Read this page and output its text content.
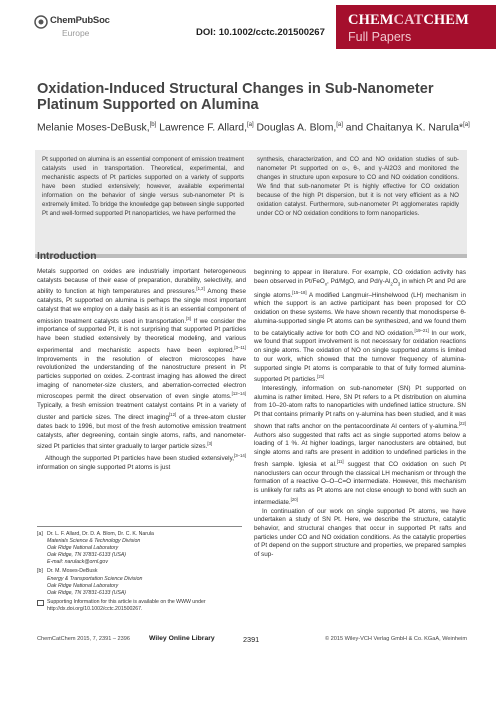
ChemPubSoc
Europe	DOI: 10.1002/cctc.201500267
CHEMCATCHEM
Full Papers
Oxidation-Induced Structural Changes in Sub-Nanometer
Platinum Supported on Alumina
Melanie Moses-DeBusk,[b] Lawrence F. Allard,[a] Douglas A. Blom,[a] and Chaitanya K. Narula*[a]

Pt supported on alumina is an essential component of emission treatment catalysts used in transportation. Theoretical, experimental, and mechanistic aspects of Pt particles supported on a variety of supports have been studied extensively; however, available experimental information on the behavior of single versus sub-nanometer Pt is extremely limited. To bridge the knowledge gap between single supported Pt and well-formed supported Pt nanoparticles, we have performed the

synthesis, characterization, and CO and NO oxidation studies of sub-nanometer Pt supported on α-, θ-, and γ-Al2O3 and monitored the changes in structure upon exposure to CO and NO oxidation conditions. We find that sub-nanometer Pt is highly effective for CO oxidation because of the high Pt dispersion, but it is not very efficient as a NO oxidation catalyst. Furthermore, sub-nanometer Pt agglomerates rapidly under CO or NO oxidation conditions to form nanoparticles.

Introduction

Metals supported on oxides are industrially important heterogeneous catalysts because of their ease of preparation, durability, selectivity, and ability to function at high temperatures and pressures.[1,2] Among these catalysts, Pt supported on alumina is perhaps the single most important catalyst that we employ on a daily basis as it is an essential component of emission treatment catalysts used in transportation.[3] If we consider the importance of supported Pt, it is not surprising that supported Pt particles have been studied extensively by theoretical modeling, and various experimental and mechanistic aspects have been explored.[3–11] Improvements in the resolution of electron microscopes have revolutionized the understanding of the nanostructure present in Pt particles supported on oxides. Z-contrast imaging has allowed the direct imaging of nanometer-size clusters, and aberration-corrected electron microscopes permit the direct observation of even single atoms.[12–14] Typically, a fresh emission treatment catalyst contains Pt in a variety of cluster and particle sizes. The direct imaging[12] of a three-atom cluster dates back to 1996, but most of the fresh automotive emission treatment catalysts, after degreening, contain single atoms, rafts, and nanometer-sized Pt particles that sinter gradually to larger particle sizes.[3]

Although the supported Pt particles have been studied extensively,[3–14] information on single supported Pt atoms is just

beginning to appear in literature. For example, CO oxidation activity has been observed in Pt/FeO$_x$, Pd/MgO, and $Pd/\gamma-Al_2O_3$ in which Pt and Pd are single atoms.[15–18] A modified Langmuir–Hinshelwood (LH) mechanism in which the support is an active participant has been proposed for CO oxidation on these systems. We have shown recently that monodisperse θ-alumina-supported single Pt atoms can be synthesized, and we found them to be catalytically active for both CO and NO oxidation.[19–21] In our work, we found that support involvement is not necessary for oxidation reactions on single atoms. The oxidation of NO on single supported atoms is limited to our work, which showed that the turnover frequency of alumina-supported single Pt atoms is comparable to that of fully formed alumina-supported Pt particles.[21]

Interestingly, information on sub-nanometer (SN) Pt supported on alumina is rather limited. Here, SN Pt refers to a Pt distribution on alumina from 10–20-atom rafts to nanoparticles with undefined lattice structure. SN Pt that contains primarily Pt rafts on γ-alumina has been studied, and it was shown that rafts anchor on the pentacoordinate Al centers of γ-alumina.[22] Authors also suggested that rafts act as single supported atoms below a loading of 1 %. At higher loadings, larger nanoclusters are obtained, but single atoms and rafts are present in addition to undefined particles in the fresh sample. Iglesia et al.[11] suggest that CO oxidation on such Pt nanoclusters can occur through the classical LH mechanism or through the formation of a reactive O–O–C=O intermediate. However, this mechanism is unlikely for rafts as Pt atoms are not close enough to bond with such an intermediate.[20]

In continuation of our work on single supported Pt atoms, we have undertaken a study of SN Pt. Here, we describe the structure, catalytic behavior, and structural changes that occur in supported Pt rafts and particles under CO and NO oxidation conditions. As the catalytic properties of Pt depend on the support structure and properties, we prepared samples of sup-

[a] Dr. L. F. Allard, Dr. D. A. Blom, Dr. C. K. Narula
Materials Science & Technology Division
Oak Ridge National Laboratory
Oak Ridge, TN 37831-6133 (USA)
E-mail: narulack@ornl.gov
[b] Dr. M. Moses-DeBusk
Energy & Transportation Science Division
Oak Ridge National Laboratory
Oak Ridge, TN 37831-6133 (USA)
Supporting Information for this article is available on the WWW under
http://dx.doi.org/10.1002/cctc.201500267.
ChemCatChem 2015, 7, 2391 – 2396	Wiley Online Library	2391	© 2015 Wiley-VCH Verlag GmbH & Co. KGaA, Weinheim
